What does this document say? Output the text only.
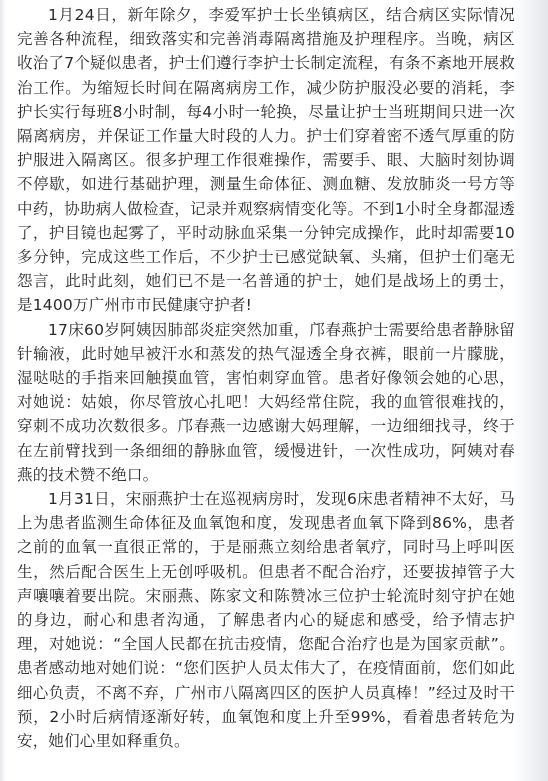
1月24日，新年除夕，李爱军护士长坐镇病区，结合病区实际情况完善各种流程，细致落实和完善消毒隔离措施及护理程序。当晚，病区收治了7个疑似患者，护士们遵行李护士长制定流程，有条不紊地开展救治工作。为缩短长时间在隔离病房工作，减少防护服没必要的消耗，李护长实行每班8小时制，每4小时一轮换，尽量让护士当班期间只进一次隔离病房，并保证工作量大时段的人力。护士们穿着密不透气厚重的防护服进入隔离区。很多护理工作很难操作，需要手、眼、大脑时刻协调不停歇，如进行基础护理，测量生命体征、测血糖、发放肺炎一号方等中药，协助病人做检查，记录并观察病情变化等。不到1小时全身都湿透了，护目镜也起雾了，平时动脉血采集一分钟完成操作，此时却需要10多分钟，完成这些工作后，不少护士已感觉缺氧、头痛，但护士们毫无怨言，此时此刻，她们已不是一名普通的护士，她们是战场上的勇士，是1400万广州市市民健康守护者!

17床60岁阿姨因肺部炎症突然加重，邝春燕护士需要给患者静脉留针输液，此时她早被汗水和蒸发的热气湿透全身衣裤，眼前一片朦胧，湿哒哒的手指来回触摸血管，害怕刺穿血管。患者好像领会她的心思，对她说：姑娘，你尽管放心扎吧！大妈经常住院，我的血管很难找的，穿刺不成功次数很多。邝春燕一边感谢大妈理解，一边细细找寻，终于在左前臂找到一条细细的静脉血管，缓慢进针，一次性成功，阿姨对春燕的技术赞不绝口。

1月31日，宋丽燕护士在巡视病房时，发现6床患者精神不太好，马上为患者监测生命体征及血氧饱和度，发现患者血氧下降到86%，患者之前的血氧一直很正常的，于是丽燕立刻给患者氧疗，同时马上呼叫医生，然后配合医生上无创呼吸机。但患者不配合治疗，还要拔掉管子大声嚷嚷着要出院。宋丽燕、陈家文和陈赞冰三位护士轮流时刻守护在她的身边，耐心和患者沟通，了解患者内心的疑虑和感受，给予情志护理，对她说：“全国人民都在抗击疫情，您配合治疗也是为国家贡献”。患者感动地对她们说：“您们医护人员太伟大了，在疫情面前，您们如此细心负责，不离不弃，广州市八隔离四区的医护人员真棒！”经过及时干预，2小时后病情逐渐好转，血氧饱和度上升至99%，看着患者转危为安，她们心里如释重负。
